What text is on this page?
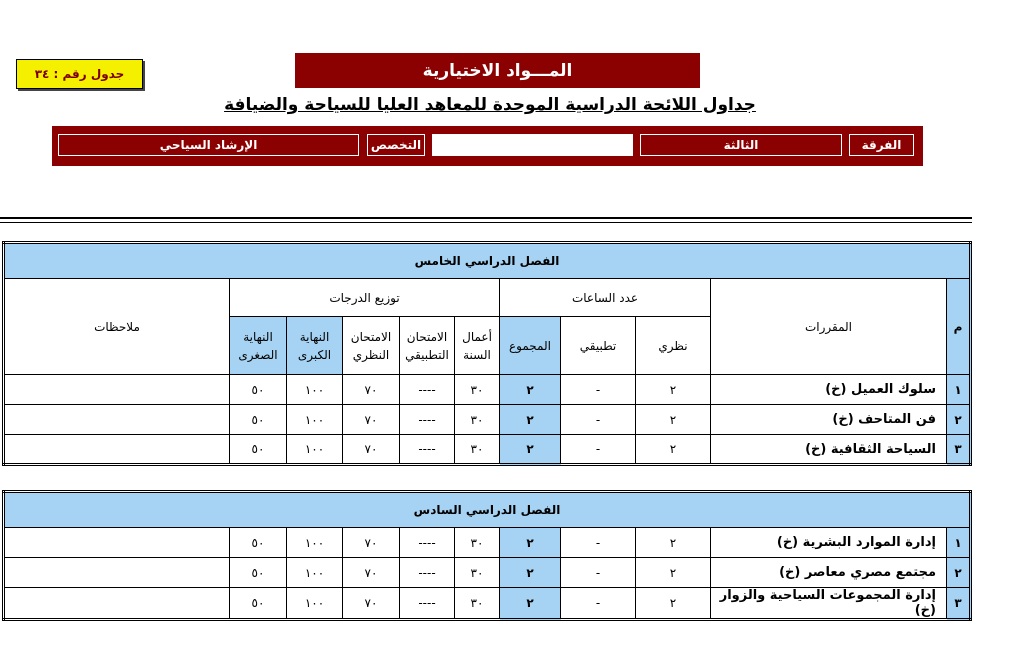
جدول رقم : ٣٤	المـــواد الاختيارية
جداول اللائحة الدراسية الموحدة للمعاهد العليا للسياحة والضيافة
الفرقة
الثالثة
التخصص
الإرشاد السياحي
الفصل الدراسي الخامس										
م	المقررات	عدد الساعات			توزيع الدرجات					ملاحظات
		نظري	تطبيقي	المجموع	أعمال السنة	الامتحان التطبيقي	الامتحان النظري	النهاية الكبرى	النهاية الصغرى	
١	سلوك العميل (خ)	٢	-	٢	٣٠	----	٧٠	١٠٠	٥٠	
٢	فن المتاحف (خ)	٢	-	٢	٣٠	----	٧٠	١٠٠	٥٠	
٣	السياحة الثقافية (خ)	٢	-	٢	٣٠	----	٧٠	١٠٠	٥٠	
الفصل الدراسي السادس										
١	إدارة الموارد البشرية (خ)	٢	-	٢	٣٠	----	٧٠	١٠٠	٥٠	
٢	مجتمع مصري معاصر (خ)	٢	-	٢	٣٠	----	٧٠	١٠٠	٥٠	
٣	إدارة المجموعات السياحية والزوار (خ)	٢	-	٢	٣٠	----	٧٠	١٠٠	٥٠	
